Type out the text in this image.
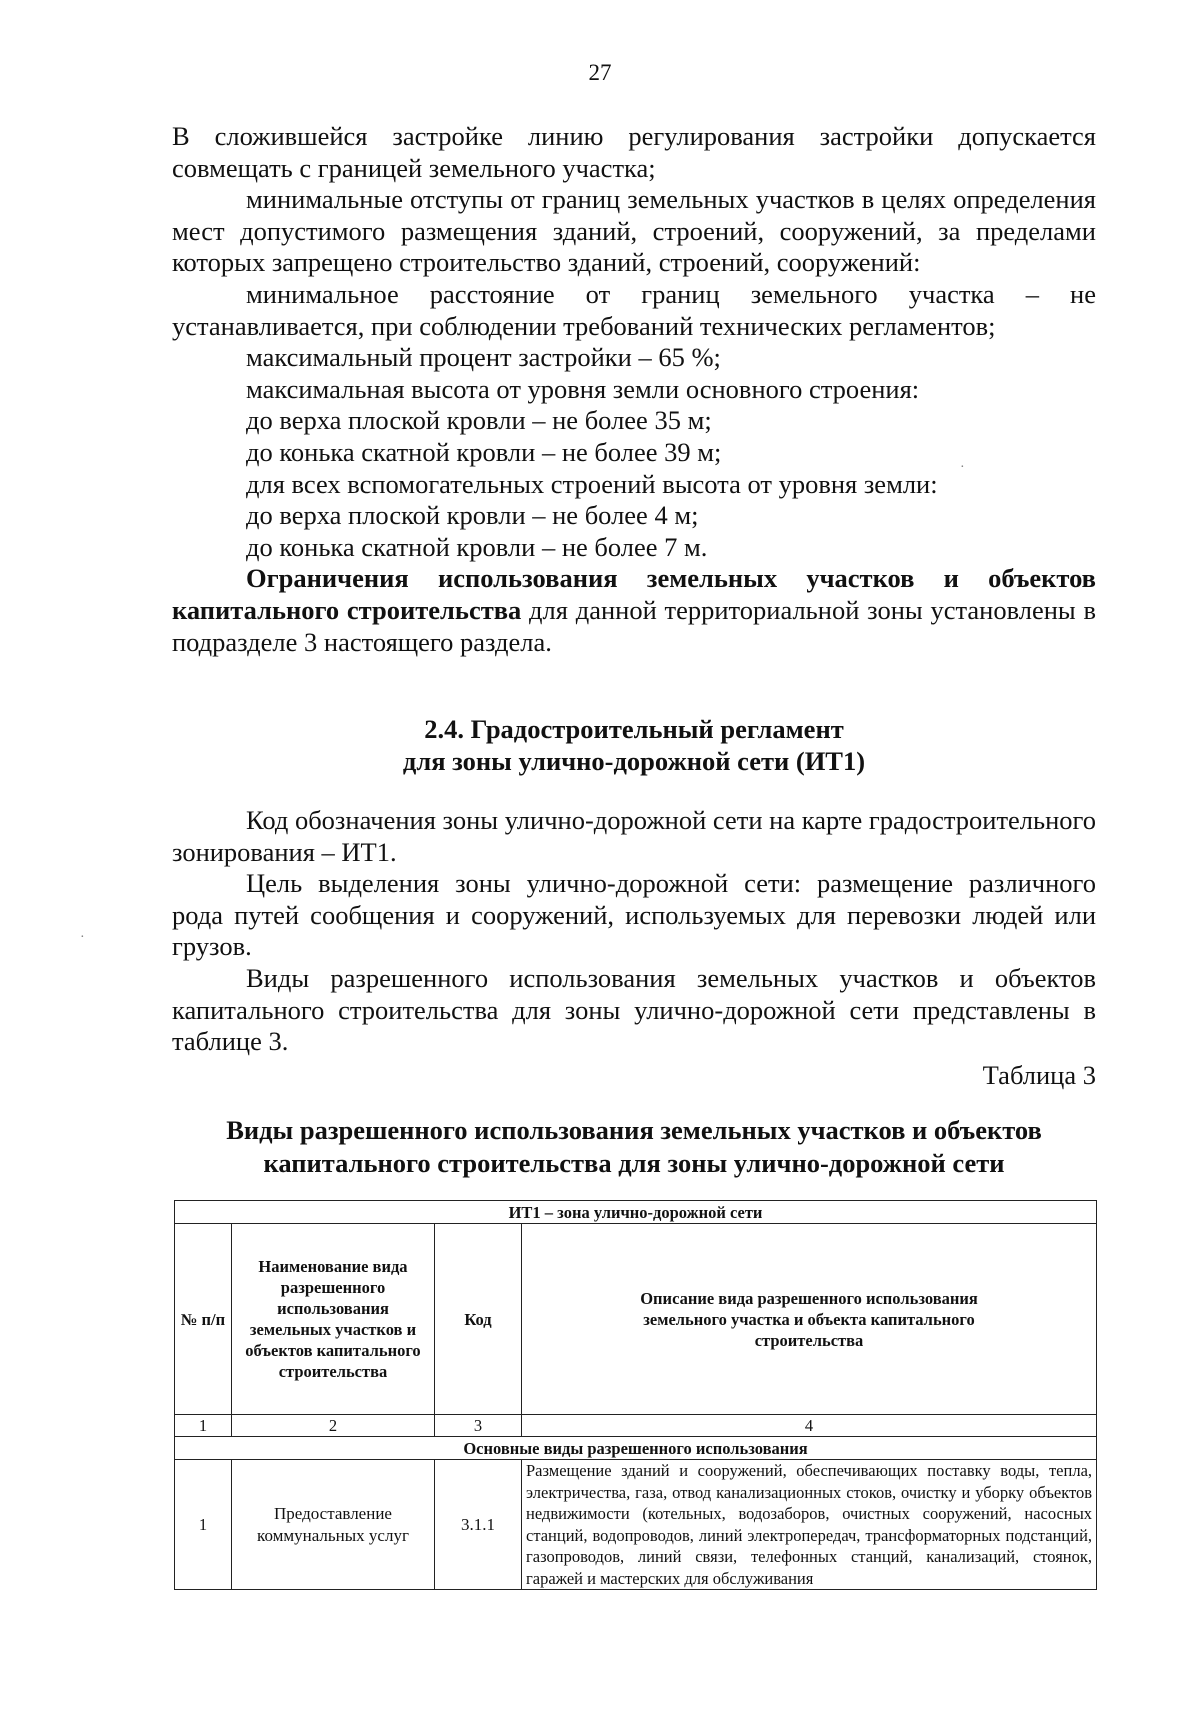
27

В сложившейся застройке линию регулирования застройки допускается совмещать с границей земельного участка;

минимальные отступы от границ земельных участков в целях определения мест допустимого размещения зданий, строений, сооружений, за пределами которых запрещено строительство зданий, строений, сооружений:

минимальное расстояние от границ земельного участка – не устанавливается, при соблюдении требований технических регламентов;

максимальный процент застройки – 65 %;

максимальная высота от уровня земли основного строения:

до верха плоской кровли – не более 35 м;

до конька скатной кровли – не более 39 м;

для всех вспомогательных строений высота от уровня земли:

до верха плоской кровли – не более 4 м;

до конька скатной кровли – не более 7 м.

Ограничения использования земельных участков и объектов капитального строительства для данной территориальной зоны установлены в подразделе 3 настоящего раздела.

2.4. Градостроительный регламент
для зоны улично-дорожной сети (ИТ1)

Код обозначения зоны улично-дорожной сети на карте градостроительного зонирования – ИТ1.

Цель выделения зоны улично-дорожной сети: размещение различного рода путей сообщения и сооружений, используемых для перевозки людей или грузов.

Виды разрешенного использования земельных участков и объектов капитального строительства для зоны улично-дорожной сети представлены в таблице 3.

Таблица 3
Виды разрешенного использования земельных участков и объектов
капитального строительства для зоны улично-дорожной сети
ИТ1 – зона улично-дорожной сети			
№ п/п	Наименование вида разрешенного использования земельных участков и объектов капитального строительства	Код	Описание вида разрешенного использования земельного участка и объекта капитального строительства
1	2	3	4
Основные виды разрешенного использования			
1	Предоставление коммунальных услуг	3.1.1	Размещение зданий и сооружений, обеспечивающих поставку воды, тепла, электричества, газа, отвод канализационных стоков, очистку и уборку объектов недвижимости (котельных, водозаборов, очистных сооружений, насосных станций, водопроводов, линий электропередач, трансформаторных подстанций, газопроводов, линий связи, телефонных станций, канализаций, стоянок, гаражей и мастерских для обслуживания
·
·
